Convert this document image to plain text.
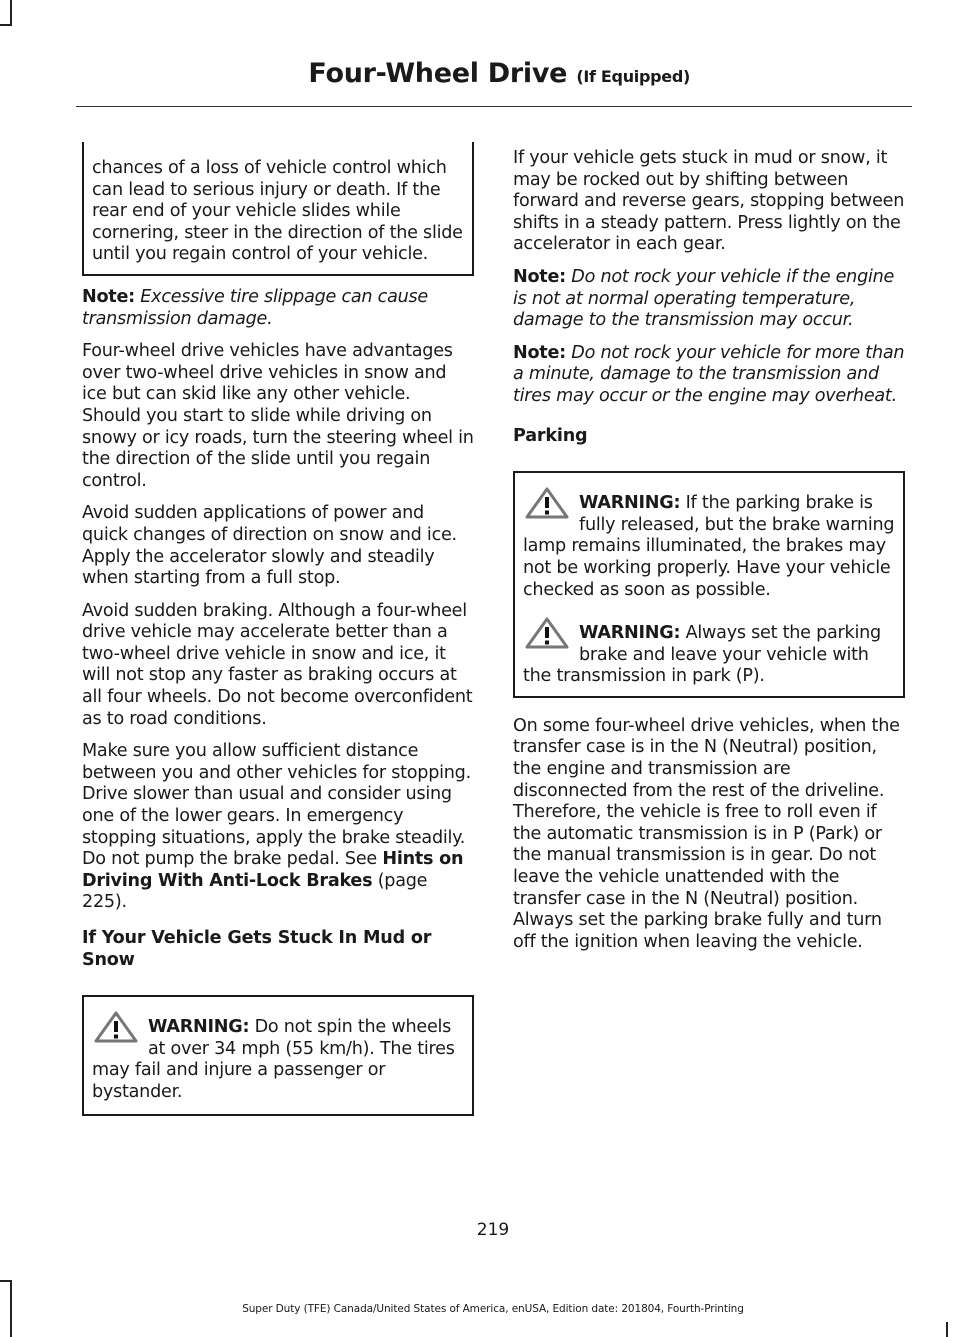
Four-Wheel Drive (If Equipped)

chances of a loss of vehicle control which can lead to serious injury or death. If the rear end of your vehicle slides while cornering, steer in the direction of the slide until you regain control of your vehicle.

Note: Excessive tire slippage can cause transmission damage.

Four-wheel drive vehicles have advantages over two-wheel drive vehicles in snow and ice but can skid like any other vehicle. Should you start to slide while driving on snowy or icy roads, turn the steering wheel in the direction of the slide until you regain control.

Avoid sudden applications of power and quick changes of direction on snow and ice. Apply the accelerator slowly and steadily when starting from a full stop.

Avoid sudden braking. Although a four-wheel drive vehicle may accelerate better than a two-wheel drive vehicle in snow and ice, it will not stop any faster as braking occurs at all four wheels. Do not become overconfident as to road conditions.

Make sure you allow sufficient distance between you and other vehicles for stopping. Drive slower than usual and consider using one of the lower gears. In emergency stopping situations, apply the brake steadily. Do not pump the brake pedal. See Hints on Driving With Anti-Lock Brakes (page 225).

If Your Vehicle Gets Stuck In Mud or Snow

WARNING: Do not spin the wheels at over 34 mph (55 km/h). The tires may fail and injure a passenger or bystander.

If your vehicle gets stuck in mud or snow, it may be rocked out by shifting between forward and reverse gears, stopping between shifts in a steady pattern. Press lightly on the accelerator in each gear.

Note: Do not rock your vehicle if the engine is not at normal operating temperature, damage to the transmission may occur.

Note: Do not rock your vehicle for more than a minute, damage to the transmission and tires may occur or the engine may overheat.

Parking

WARNING: If the parking brake is fully released, but the brake warning lamp remains illuminated, the brakes may not be working properly. Have your vehicle checked as soon as possible.

WARNING: Always set the parking brake and leave your vehicle with the transmission in park (P).

On some four-wheel drive vehicles, when the transfer case is in the N (Neutral) position, the engine and transmission are disconnected from the rest of the driveline. Therefore, the vehicle is free to roll even if the automatic transmission is in P (Park) or the manual transmission is in gear. Do not leave the vehicle unattended with the transfer case in the N (Neutral) position. Always set the parking brake fully and turn off the ignition when leaving the vehicle.

219
Super Duty (TFE) Canada/United States of America, enUSA, Edition date: 201804, Fourth-Printing
